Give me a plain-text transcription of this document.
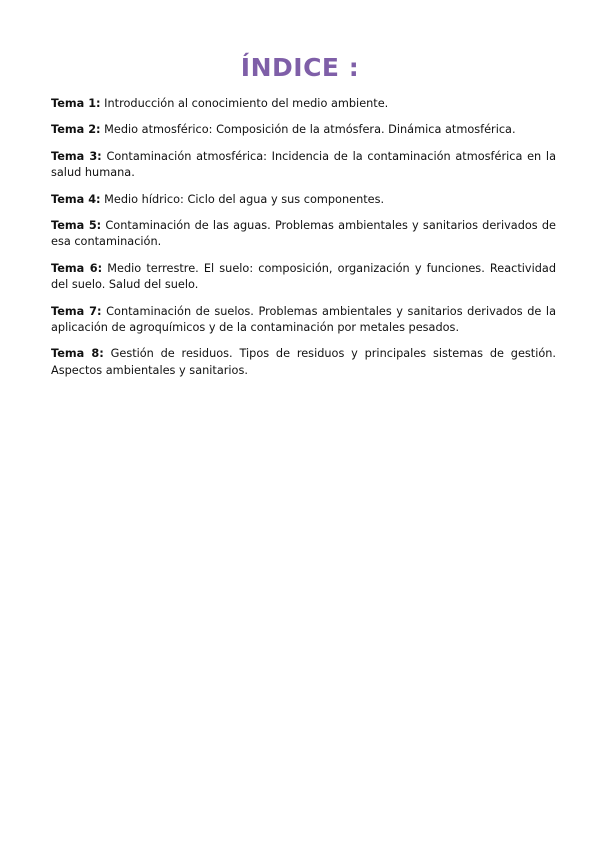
ÍNDICE :

Tema 1: Introducción al conocimiento del medio ambiente.

Tema 2: Medio atmosférico: Composición de la atmósfera. Dinámica atmosférica.

Tema 3: Contaminación atmosférica: Incidencia de la contaminación atmosférica en la salud humana.

Tema 4: Medio hídrico: Ciclo del agua y sus componentes.

Tema 5: Contaminación de las aguas. Problemas ambientales y sanitarios derivados de esa contaminación.

Tema 6: Medio terrestre. El suelo: composición, organización y funciones. Reactividad del suelo. Salud del suelo.

Tema 7: Contaminación de suelos. Problemas ambientales y sanitarios derivados de la aplicación de agroquímicos y de la contaminación por metales pesados.

Tema 8: Gestión de residuos. Tipos de residuos y principales sistemas de gestión. Aspectos ambientales y sanitarios.
